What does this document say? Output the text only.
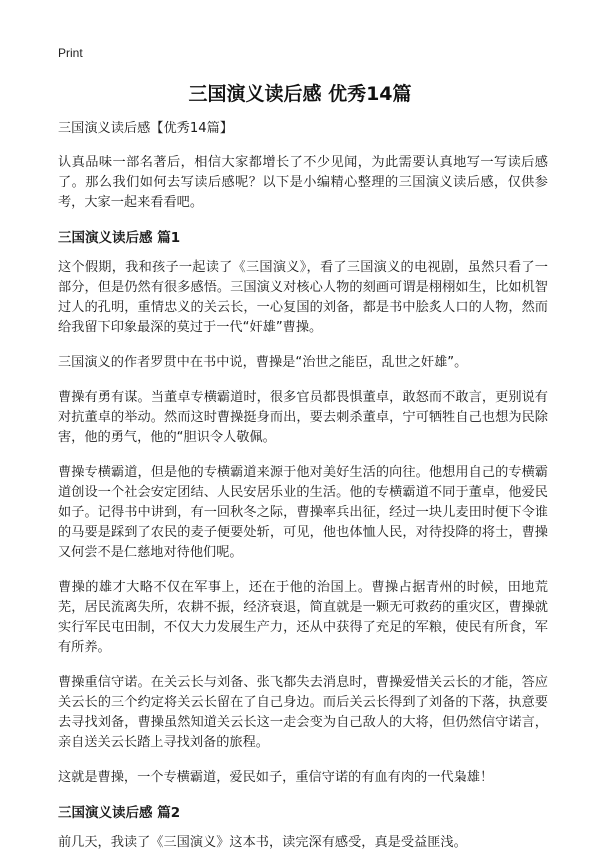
Print
三国演义读后感 优秀14篇

三国演义读后感【优秀14篇】

认真品味一部名著后，相信大家都增长了不少见闻，为此需要认真地写一写读后感了。那么我们如何去写读后感呢？以下是小编精心整理的三国演义读后感，仅供参考，大家一起来看看吧。

三国演义读后感 篇1

这个假期，我和孩子一起读了《三国演义》，看了三国演义的电视剧，虽然只看了一部分，但是仍然有很多感悟。三国演义对核心人物的刻画可谓是栩栩如生，比如机智过人的孔明，重情忠义的关云长，一心复国的刘备，都是书中脍炙人口的人物，然而给我留下印象最深的莫过于一代“奸雄”曹操。

三国演义的作者罗贯中在书中说，曹操是“治世之能臣，乱世之奸雄”。

曹操有勇有谋。当董卓专横霸道时，很多官员都畏惧董卓，敢怒而不敢言，更别说有对抗董卓的举动。然而这时曹操挺身而出，要去刺杀董卓，宁可牺牲自己也想为民除害，他的勇气，他的“胆识令人敬佩。

曹操专横霸道，但是他的专横霸道来源于他对美好生活的向往。他想用自己的专横霸道创设一个社会安定团结、人民安居乐业的生活。他的专横霸道不同于董卓，他爱民如子。记得书中讲到，有一回秋冬之际，曹操率兵出征，经过一块儿麦田时便下令谁的马要是踩到了农民的麦子便要处斩，可见，他也体恤人民，对待投降的将士，曹操又何尝不是仁慈地对待他们呢。

曹操的雄才大略不仅在军事上，还在于他的治国上。曹操占据青州的时候，田地荒芜，居民流离失所，农耕不振，经济衰退，简直就是一颗无可救药的重灾区，曹操就实行军民屯田制，不仅大力发展生产力，还从中获得了充足的军粮，使民有所食，军有所养。

曹操重信守诺。在关云长与刘备、张飞都失去消息时，曹操爱惜关云长的才能，答应关云长的三个约定将关云长留在了自己身边。而后关云长得到了刘备的下落，执意要去寻找刘备，曹操虽然知道关云长这一走会变为自己敌人的大将，但仍然信守诺言，亲自送关云长踏上寻找刘备的旅程。

这就是曹操，一个专横霸道，爱民如子，重信守诺的有血有肉的一代枭雄！

三国演义读后感 篇2

前几天，我读了《三国演义》这本书，读完深有感受，真是受益匪浅。
